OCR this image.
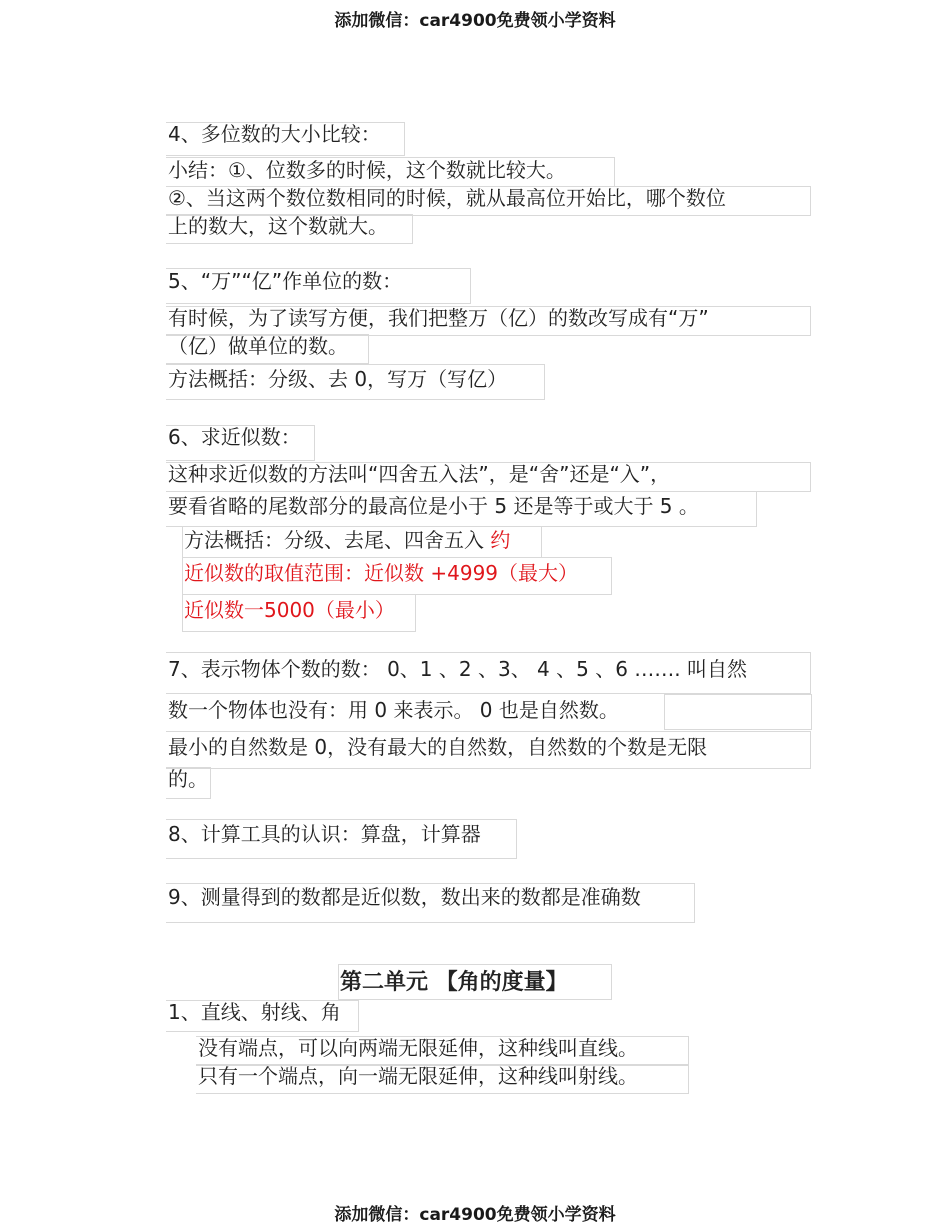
添加微信：car4900免费领小学资料
4、多位数的大小比较：
小结：①、位数多的时候，这个数就比较大。
②、当这两个数位数相同的时候，就从最高位开始比，哪个数位
上的数大，这个数就大。
5、“万”“亿”作单位的数：
有时候，为了读写方便，我们把整万（亿）的数改写成有“万”
（亿）做单位的数。
方法概括：分级、去 0，写万（写亿）
6、求近似数：
这种求近似数的方法叫“四舍五入法”，是“舍”还是“入”，
要看省略的尾数部分的最高位是小于 5 还是等于或大于 5 。
方法概括：分级、去尾、四舍五入 约
近似数的取值范围：近似数 +4999（最大）
近似数一5000（最小）
7、表示物体个数的数： 0、1 、2 、3、 4 、5 、6 ……. 叫自然
数一个物体也没有：用 0 来表示。 0 也是自然数。
最小的自然数是 0，没有最大的自然数，自然数的个数是无限
的。
8、计算工具的认识：算盘，计算器
9、测量得到的数都是近似数，数出来的数都是准确数
第二单元 【角的度量】
1、直线、射线、角
没有端点，可以向两端无限延伸，这种线叫直线。
只有一个端点，向一端无限延伸，这种线叫射线。
添加微信：car4900免费领小学资料
